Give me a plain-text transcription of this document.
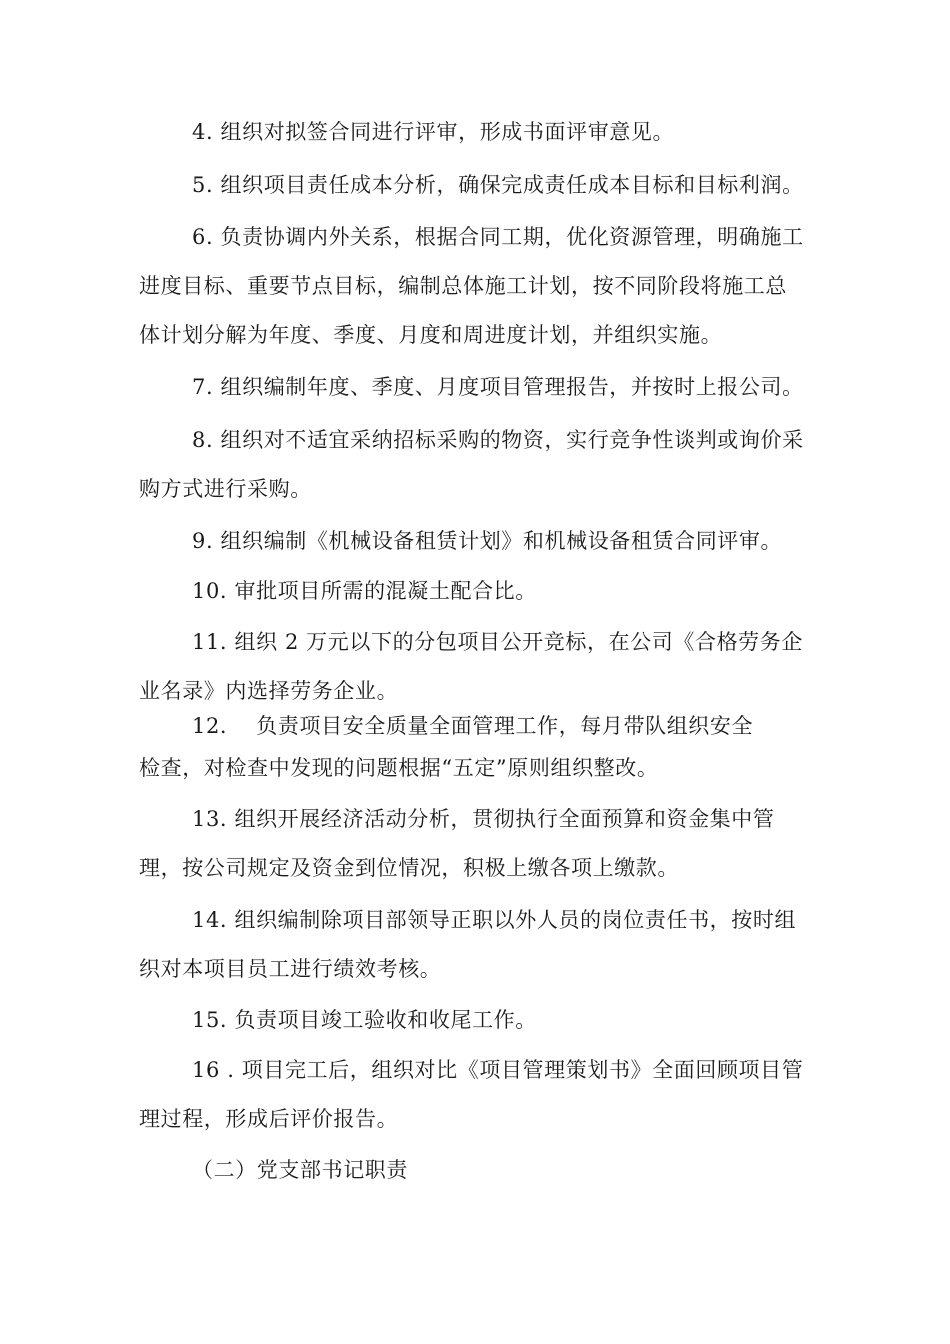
4. 组织对拟签合同进行评审，形成书面评审意见。
5. 组织项目责任成本分析，确保完成责任成本目标和目标利润。
6. 负责协调内外关系，根据合同工期，优化资源管理，明确施工
进度目标、重要节点目标，编制总体施工计划，按不同阶段将施工总
体计划分解为年度、季度、月度和周进度计划，并组织实施。
7. 组织编制年度、季度、月度项目管理报告，并按时上报公司。
8. 组织对不适宜采纳招标采购的物资，实行竞争性谈判或询价采
购方式进行采购。
9. 组织编制《机械设备租赁计划》和机械设备租赁合同评审。
10. 审批项目所需的混凝土配合比。
11. 组织 2 万元以下的分包项目公开竞标，在公司《合格劳务企
业名录》内选择劳务企业。
12.    负责项目安全质量全面管理工作，每月带队组织安全
检查，对检查中发现的问题根据“五定”原则组织整改。
13. 组织开展经济活动分析，贯彻执行全面预算和资金集中管
理，按公司规定及资金到位情况，积极上缴各项上缴款。
14. 组织编制除项目部领导正职以外人员的岗位责任书，按时组
织对本项目员工进行绩效考核。
15. 负责项目竣工验收和收尾工作。
16 . 项目完工后，组织对比《项目管理策划书》全面回顾项目管
理过程，形成后评价报告。
（二）党支部书记职责
